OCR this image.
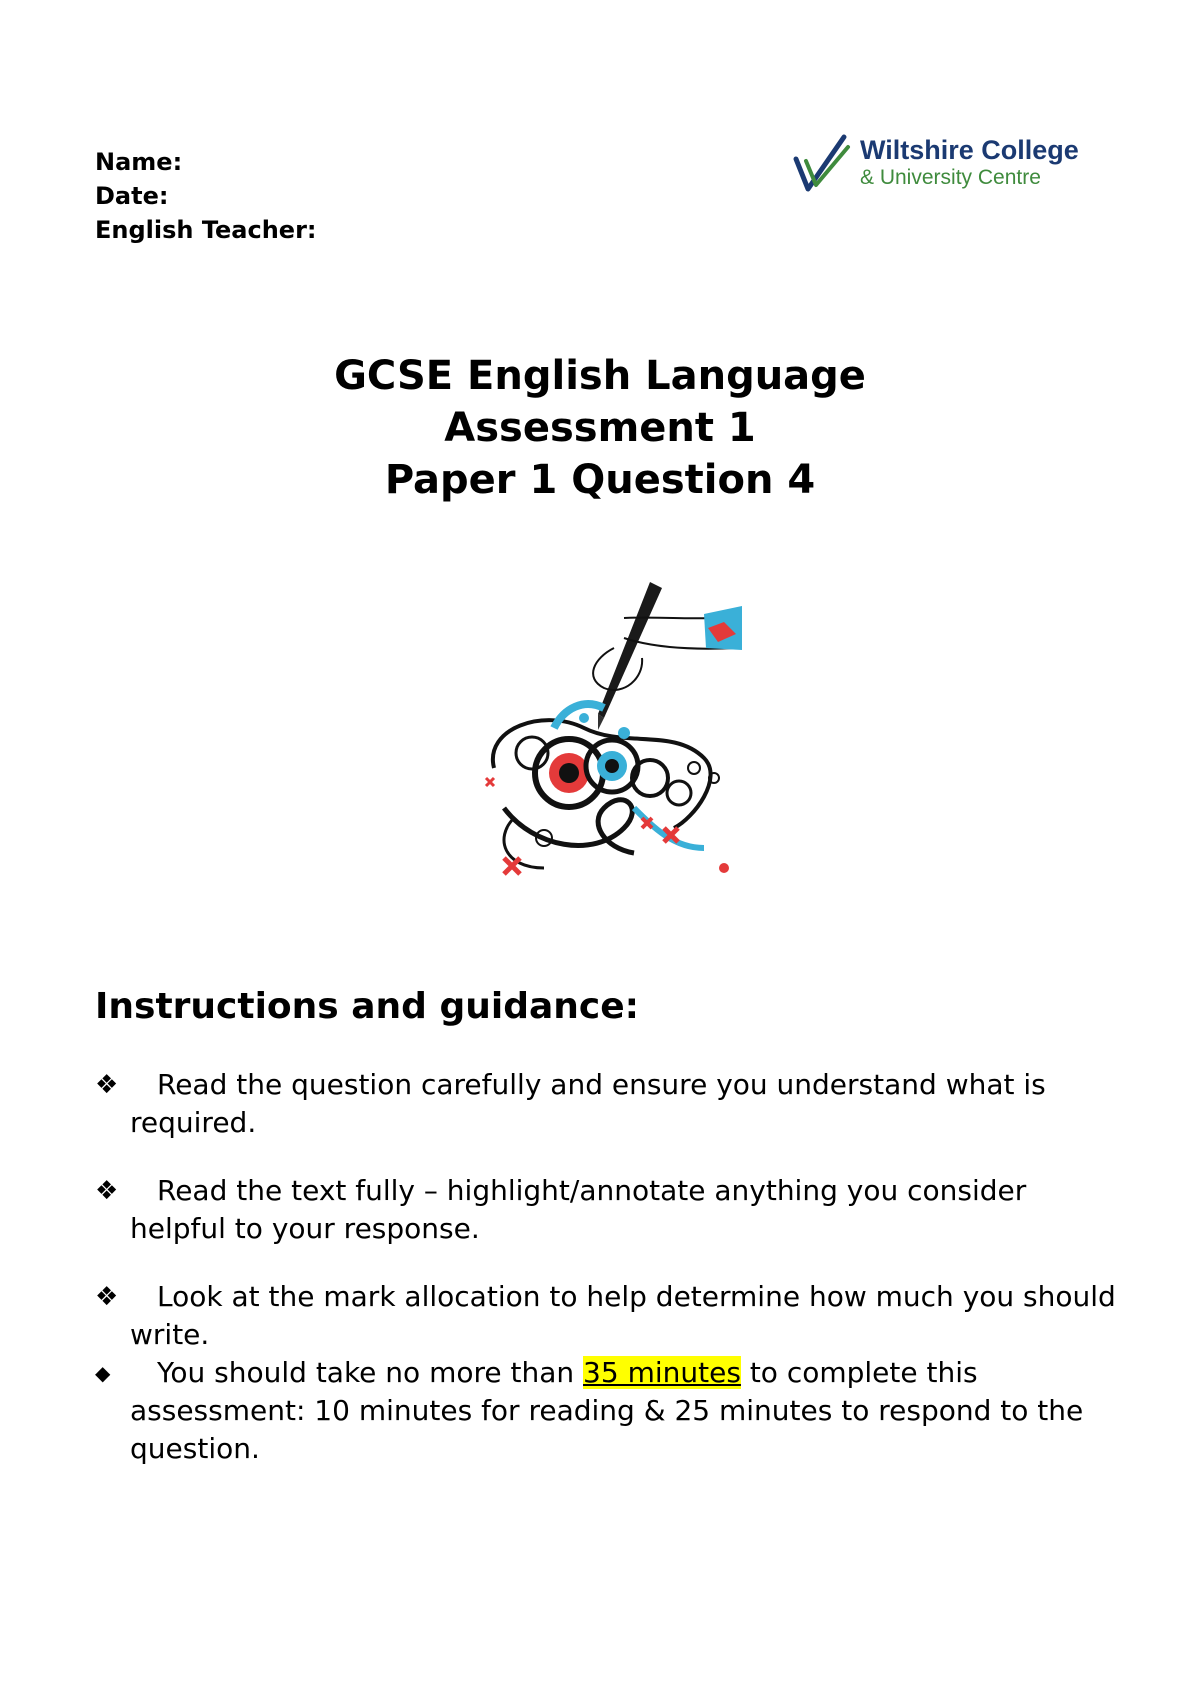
Name:
Date:
English Teacher:
Wiltshire College
& University Centre
GCSE English Language
Assessment 1
Paper 1 Question 4
Instructions and guidance:
❖	Read the question carefully and ensure you understand what is required.
❖	Read the text fully – highlight/annotate anything you consider helpful to your response.
❖	Look at the mark allocation to help determine how much you should write.
◆	You should take no more than 35 minutes to complete this assessment: 10 minutes for reading & 25 minutes to respond to the question.
